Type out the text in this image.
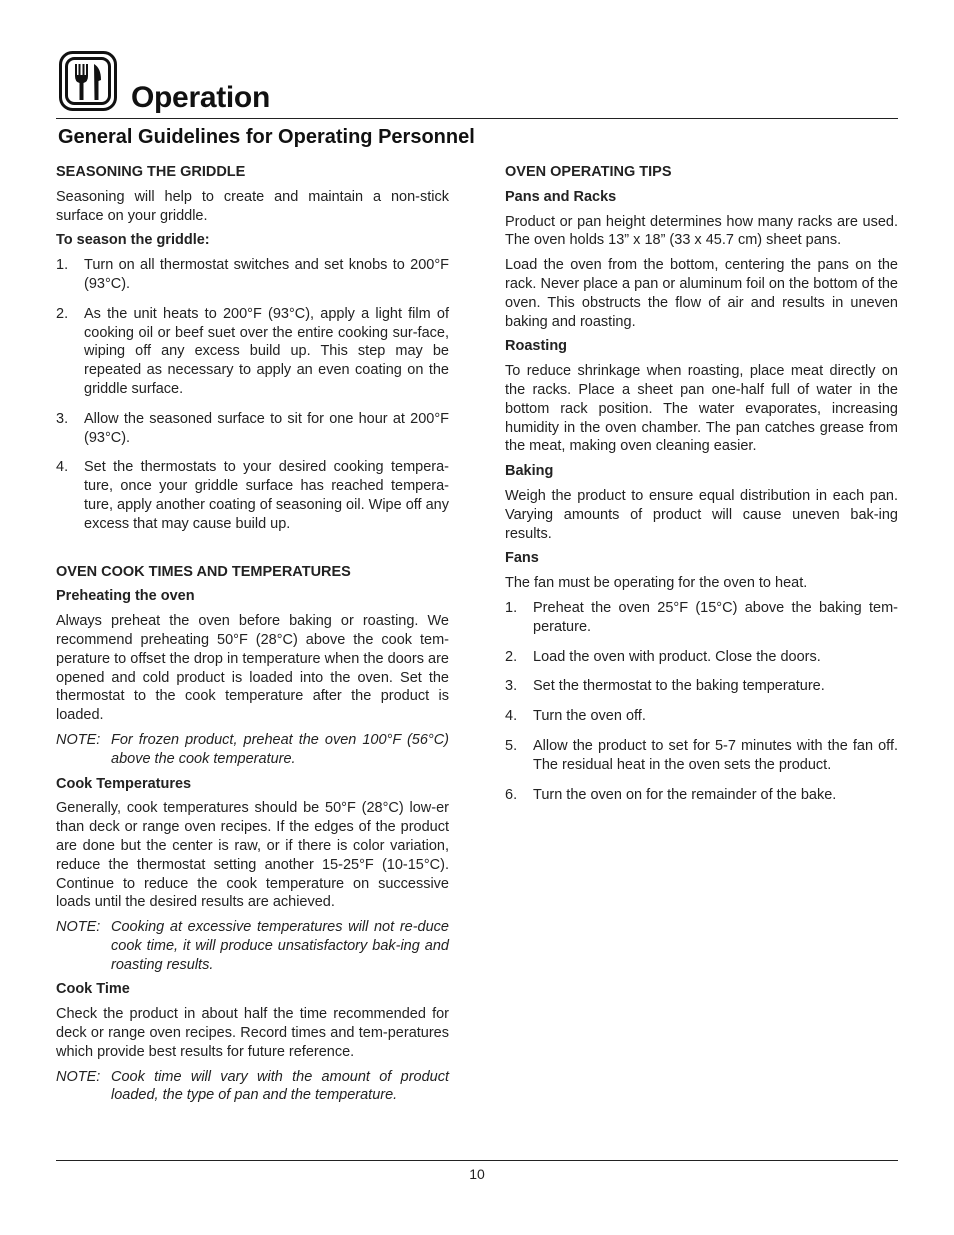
Operation
General Guidelines for Operating Personnel
SEASONING THE GRIDDLE
Seasoning will help to create and maintain a non-stick surface on your griddle.
To season the griddle:
1.	Turn on all thermostat switches and set knobs to 200°F (93°C).
2.	As the unit heats to 200°F (93°C), apply a light film of cooking oil or beef suet over the entire cooking sur-face, wiping off any excess build up. This step may be repeated as necessary to apply an even coating on the griddle surface.
3.	Allow the seasoned surface to sit for one hour at 200°F (93°C).
4.	Set the thermostats to your desired cooking tempera-ture, once your griddle surface has reached tempera-ture, apply another coating of seasoning oil. Wipe off any excess that may cause build up.
OVEN COOK TIMES AND TEMPERATURES
Preheating the oven
Always preheat the oven before baking or roasting. We recommend preheating 50°F (28°C) above the cook tem-perature to offset the drop in temperature when the doors are opened and cold product is loaded into the oven. Set the thermostat to the cook temperature after the product is loaded.
NOTE: For frozen product, preheat the oven 100°F (56°C) above the cook temperature.
Cook Temperatures
Generally, cook temperatures should be 50°F (28°C) low-er than deck or range oven recipes. If the edges of the product are done but the center is raw, or if there is color variation, reduce the thermostat setting another 15-25°F (10-15°C). Continue to reduce the cook temperature on successive loads until the desired results are achieved.
NOTE: Cooking at excessive temperatures will not re-duce cook time, it will produce unsatisfactory bak-ing and roasting results.
Cook Time
Check the product in about half the time recommended for deck or range oven recipes. Record times and tem-peratures which provide best results for future reference.
NOTE: Cook time will vary with the amount of product loaded, the type of pan and the temperature.
OVEN OPERATING TIPS
Pans and Racks
Product or pan height determines how many racks are used. The oven holds 13” x 18” (33 x 45.7 cm) sheet pans.
Load the oven from the bottom, centering the pans on the rack. Never place a pan or aluminum foil on the bottom of the oven. This obstructs the flow of air and results in uneven baking and roasting.
Roasting
To reduce shrinkage when roasting, place meat directly on the racks. Place a sheet pan one-half full of water in the bottom rack position. The water evaporates, increasing humidity in the oven chamber. The pan catches grease from the meat, making oven cleaning easier.
Baking
Weigh the product to ensure equal distribution in each pan. Varying amounts of product will cause uneven bak-ing results.
Fans
The fan must be operating for the oven to heat.
1.	Preheat the oven 25°F (15°C) above the baking tem-perature.
2.	Load the oven with product. Close the doors.
3.	Set the thermostat to the baking temperature.
4.	Turn the oven off.
5.	Allow the product to set for 5-7 minutes with the fan off. The residual heat in the oven sets the product.
6.	Turn the oven on for the remainder of the bake.
10
